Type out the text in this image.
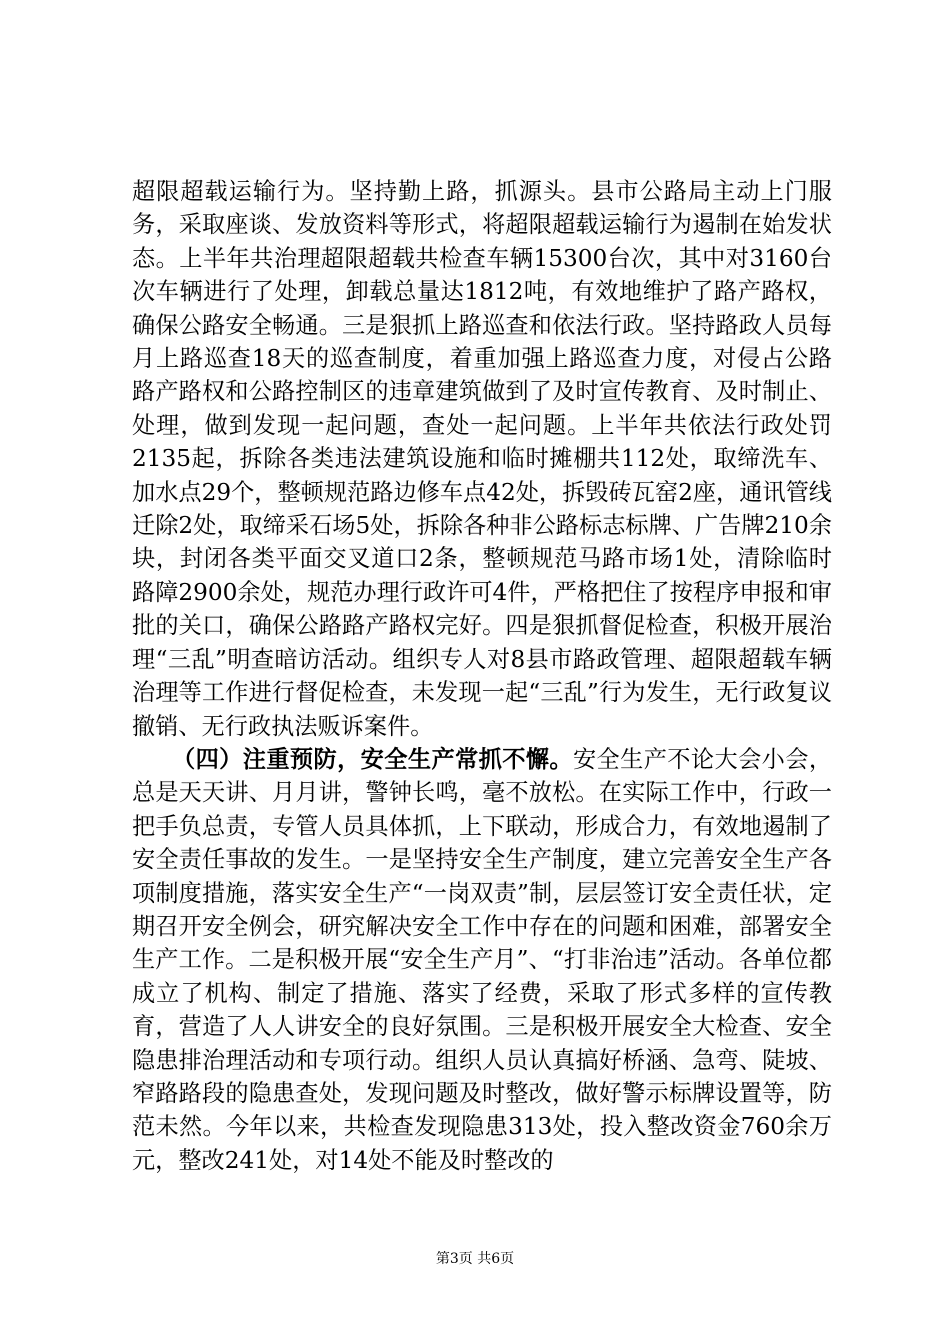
超限超载运输行为。坚持勤上路，抓源头。县市公路局主动上门服务，采取座谈、发放资料等形式，将超限超载运输行为遏制在始发状态。上半年共治理超限超载共检查车辆15300台次，其中对3160台次车辆进行了处理，卸载总量达1812吨，有效地维护了路产路权，确保公路安全畅通。三是狠抓上路巡查和依法行政。坚持路政人员每月上路巡查18天的巡查制度，着重加强上路巡查力度，对侵占公路路产路权和公路控制区的违章建筑做到了及时宣传教育、及时制止、处理，做到发现一起问题，查处一起问题。上半年共依法行政处罚2135起，拆除各类违法建筑设施和临时摊棚共112处，取缔洗车、加水点29个，整顿规范路边修车点42处，拆毁砖瓦窑2座，通讯管线迁除2处，取缔采石场5处，拆除各种非公路标志标牌、广告牌210余块，封闭各类平面交叉道口2条，整顿规范马路市场1处，清除临时路障2900余处，规范办理行政许可4件，严格把住了按程序申报和审批的关口，确保公路路产路权完好。四是狠抓督促检查，积极开展治理“三乱”明查暗访活动。组织专人对8县市路政管理、超限超载车辆治理等工作进行督促检查，未发现一起“三乱”行为发生，无行政复议撤销、无行政执法贩诉案件。

（四）注重预防，安全生产常抓不懈。安全生产不论大会小会，总是天天讲、月月讲，警钟长鸣，毫不放松。在实际工作中，行政一把手负总责，专管人员具体抓，上下联动，形成合力，有效地遏制了安全责任事故的发生。一是坚持安全生产制度，建立完善安全生产各项制度措施，落实安全生产“一岗双责”制，层层签订安全责任状，定期召开安全例会，研究解决安全工作中存在的问题和困难，部署安全生产工作。二是积极开展“安全生产月”、“打非治违”活动。各单位都成立了机构、制定了措施、落实了经费，采取了形式多样的宣传教育，营造了人人讲安全的良好氛围。三是积极开展安全大检查、安全隐患排治理活动和专项行动。组织人员认真搞好桥涵、急弯、陡坡、窄路路段的隐患查处，发现问题及时整改，做好警示标牌设置等，防范未然。今年以来，共检查发现隐患313处，投入整改资金760余万元，整改241处，对14处不能及时整改的

第3页 共6页
